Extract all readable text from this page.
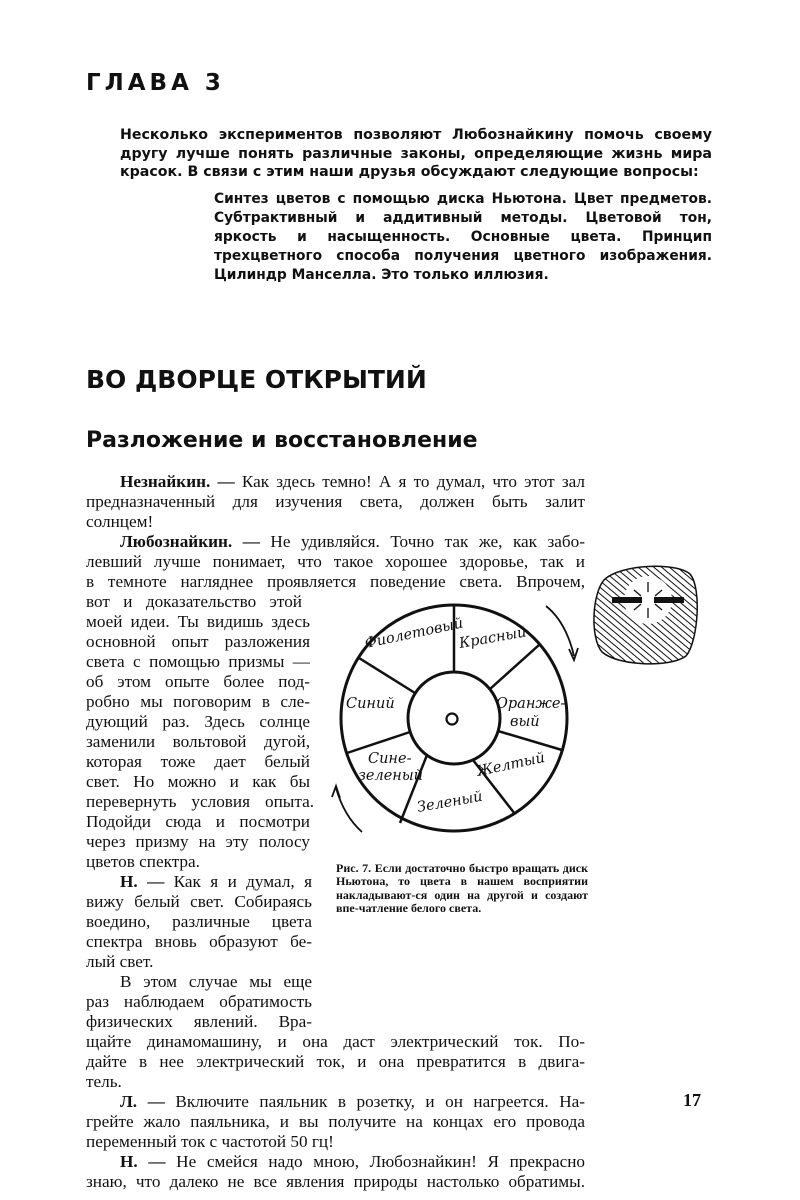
ГЛАВА 3

Несколько экспериментов позволяют Любознайкину помочь своему другу лучше понять различные законы, определяющие жизнь мира красок. В связи с этим наши друзья обсуждают следующие вопросы:

Синтез цветов с помощью диска Ньютона. Цвет предметов. Субтрактивный и аддитивный методы. Цветовой тон, яркость и насыщенность. Основные цвета. Принцип трехцветного способа получения цветного изображения. Цилиндр Манселла. Это только иллюзия.

ВО ДВОРЦЕ ОТКРЫТИЙ
Разложение и восстановление
Незнайкин. — Как здесь темно! А я то думал, что этот зал
предназначенный для изучения света, должен быть залит
солнцем!
Любознайкин. — Не удивляйся. Точно так же, как забо-
левший лучше понимает, что такое хорошее здоровье, так и
в темноте нагляднее проявляется поведение света. Впрочем,
вот и доказательство этой
моей идеи. Ты видишь здесь
основной опыт разложения
света с помощью призмы —
об этом опыте более под-
робно мы поговорим в сле-
дующий раз. Здесь солнце
заменили вольтовой дугой,
которая тоже дает белый
свет. Но можно и как бы
перевернуть условия опыта.
Подойди сюда и посмотри
через призму на эту полосу
цветов спектра.
Н. — Как я и думал, я
вижу белый свет. Собираясь
воедино, различные цвета
спектра вновь образуют бе-
лый свет.
В этом случае мы еще
раз наблюдаем обратимость
физических явлений. Вра-
щайте динамомашину, и она даст электрический ток. По-
дайте в нее электрический ток, и она превратится в двига-
тель.
Л. — Включите паяльник в розетку, и он нагреется. На-
грейте жало паяльника, и вы получите на концах его провода
переменный ток с частотой 50 гц!
Н. — Не смейся надо мною, Любознайкин! Я прекрасно
знаю, что далеко не все явления природы настолько обратимы.
Фиолетовый
Красный
Оранже-
вый
Желтый
Зеленый
Сине-
зеленый
Синий

Рис. 7. Если достаточно быстро вращать диск Ньютона, то цвета в нашем восприятии накладывают-ся один на другой и создают впе-чатление белого света.

17
